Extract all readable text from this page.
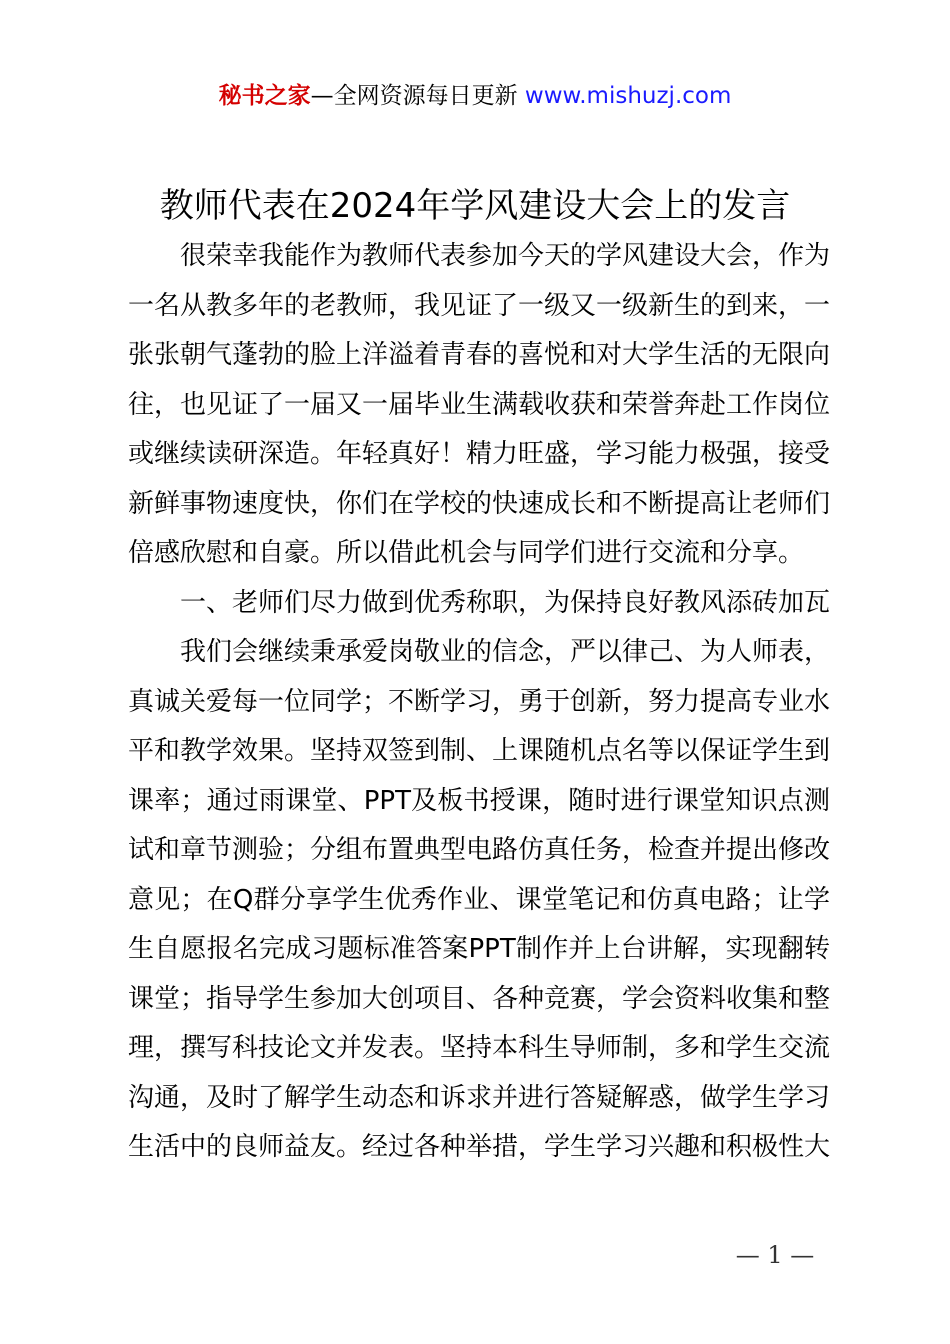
秘书之家—全网资源每日更新 www.mishuzj.com
教师代表在2024年学风建设大会上的发言

很荣幸我能作为教师代表参加今天的学风建设大会，作为一名从教多年的老教师，我见证了一级又一级新生的到来，一张张朝气蓬勃的脸上洋溢着青春的喜悦和对大学生活的无限向往，也见证了一届又一届毕业生满载收获和荣誉奔赴工作岗位或继续读研深造。年轻真好！精力旺盛，学习能力极强，接受新鲜事物速度快，你们在学校的快速成长和不断提高让老师们倍感欣慰和自豪。所以借此机会与同学们进行交流和分享。

一、老师们尽力做到优秀称职，为保持良好教风添砖加瓦

我们会继续秉承爱岗敬业的信念，严以律己、为人师表，真诚关爱每一位同学；不断学习，勇于创新，努力提高专业水平和教学效果。坚持双签到制、上课随机点名等以保证学生到课率；通过雨课堂、PPT及板书授课，随时进行课堂知识点测试和章节测验；分组布置典型电路仿真任务，检查并提出修改意见；在Q群分享学生优秀作业、课堂笔记和仿真电路；让学生自愿报名完成习题标准答案PPT制作并上台讲解，实现翻转课堂；指导学生参加大创项目、各种竞赛，学会资料收集和整理，撰写科技论文并发表。坚持本科生导师制，多和学生交流沟通，及时了解学生动态和诉求并进行答疑解惑，做学生学习生活中的良师益友。经过各种举措，学生学习兴趣和积极性大

— 1 —
